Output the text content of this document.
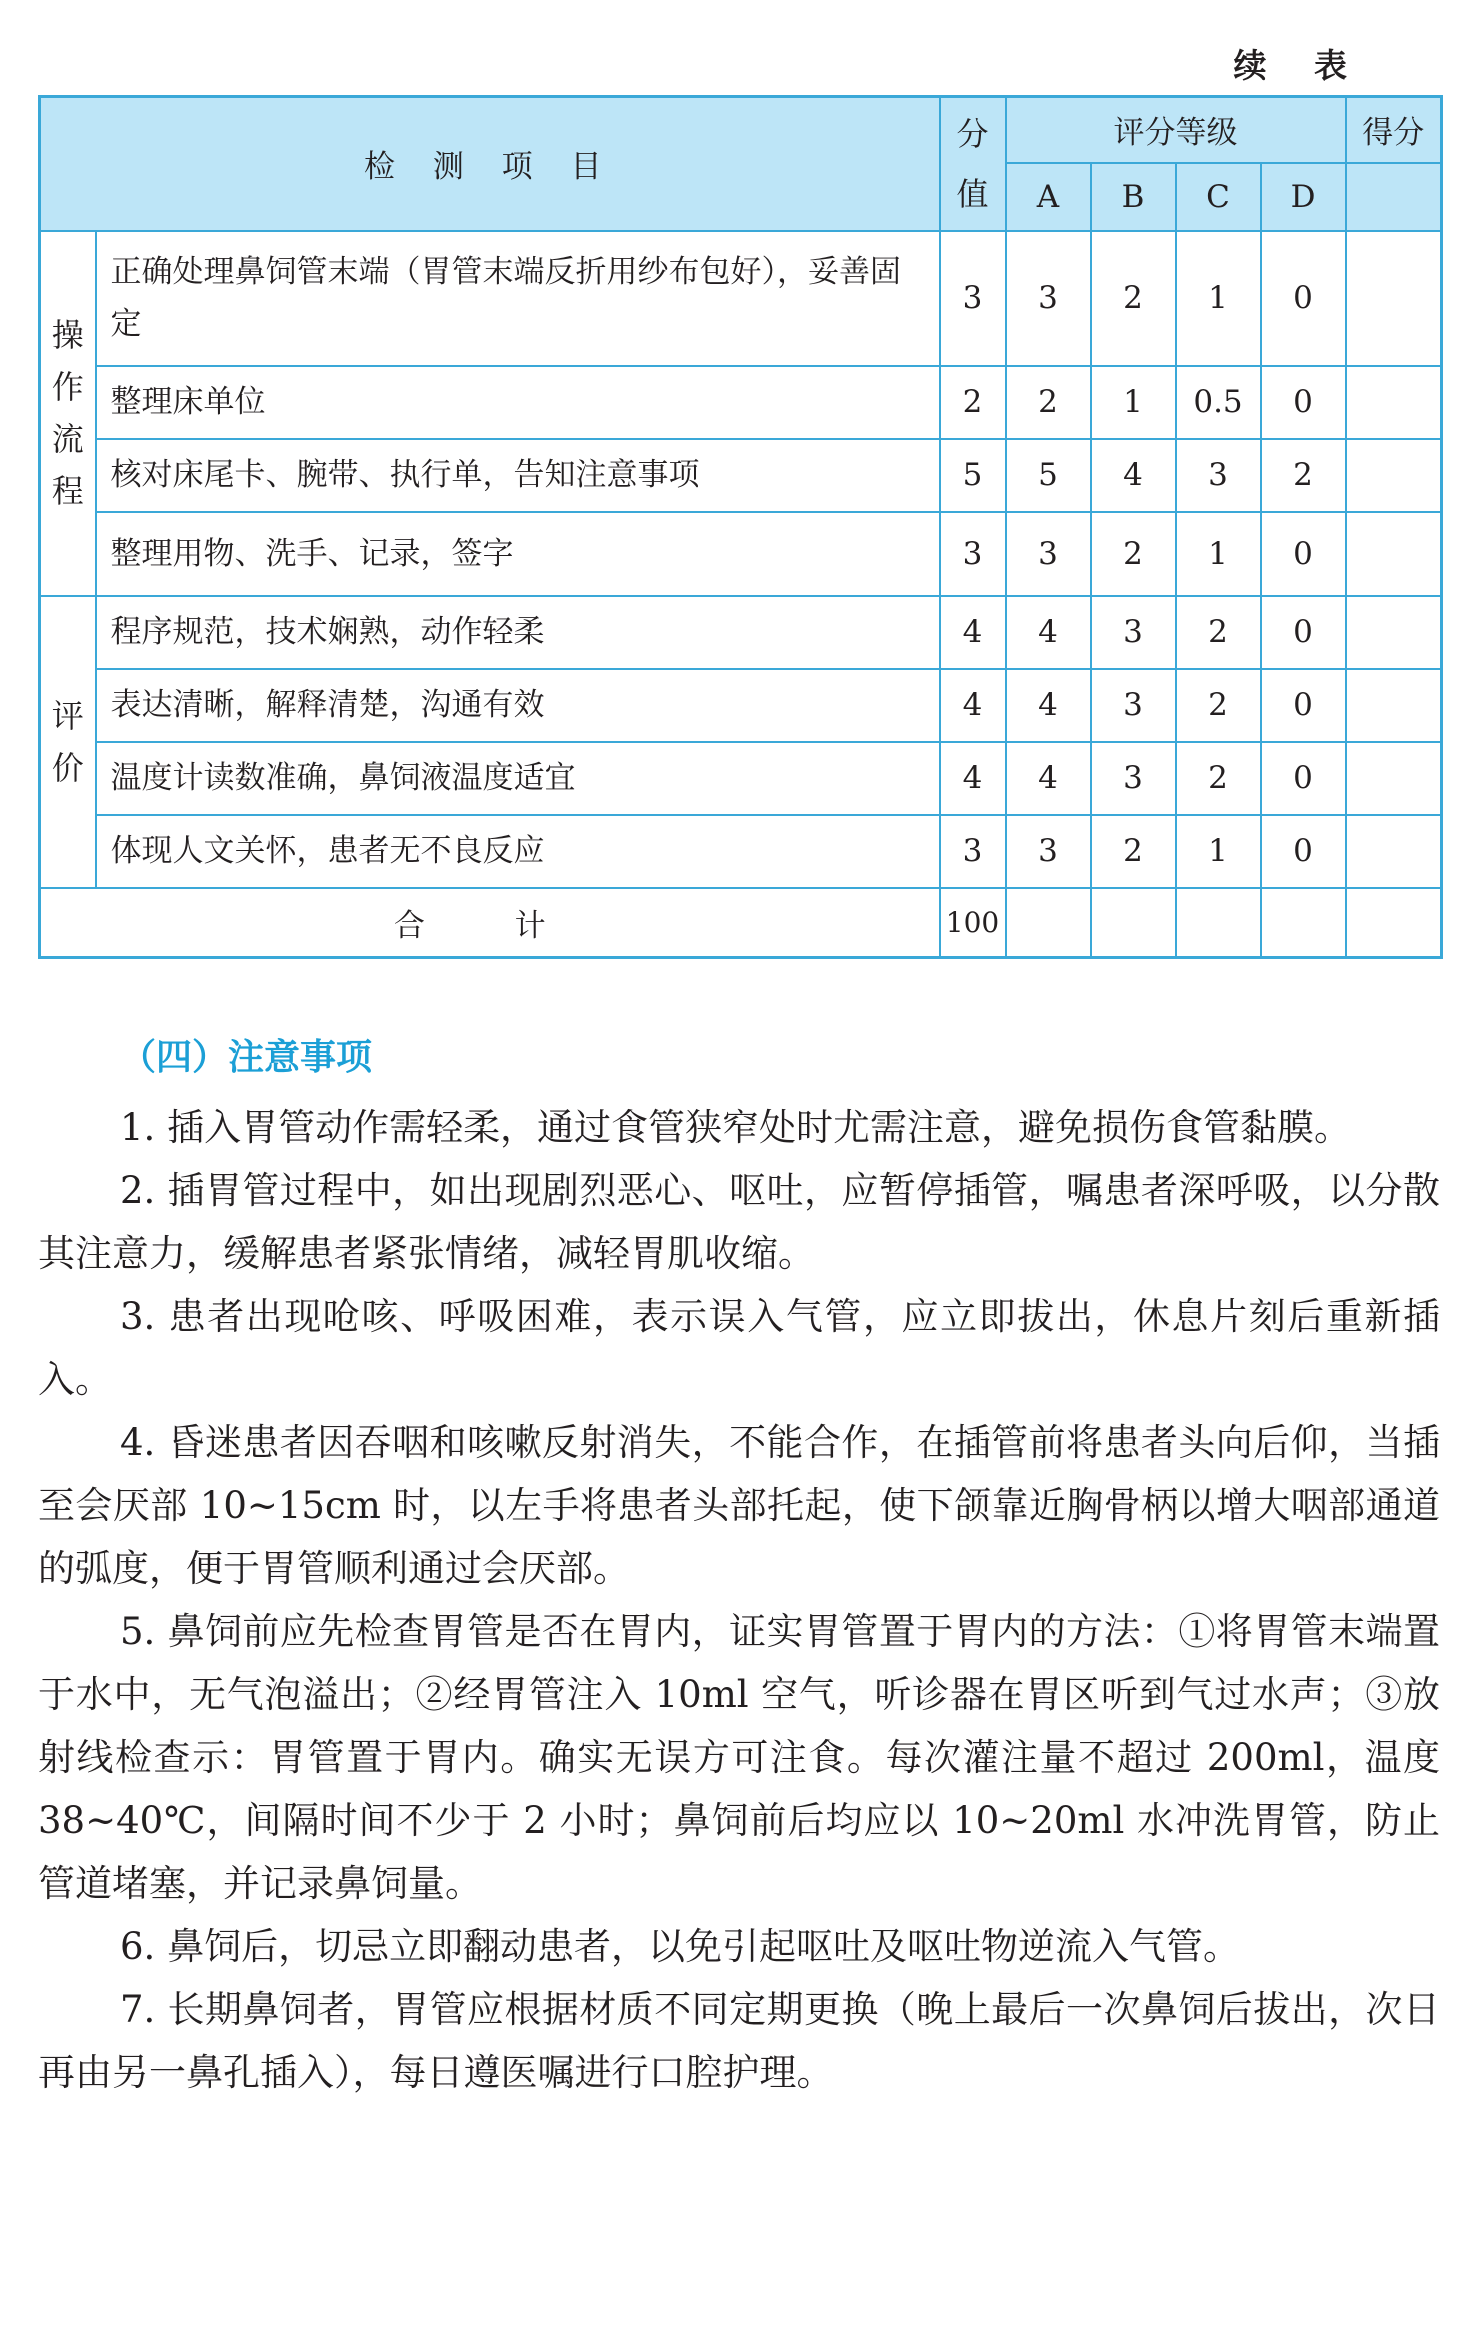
续 表
检 测 项 目		分值	评分等级				得分
			A	B	C	D	
操作流程	正确处理鼻饲管末端（胃管末端反折用纱布包好），妥善固定	3	3	2	1	0	
	整理床单位	2	2	1	0.5	0	
	核对床尾卡、腕带、执行单，告知注意事项	5	5	4	3	2	
	整理用物、洗手、记录，签字	3	3	2	1	0	
评价	程序规范，技术娴熟，动作轻柔	4	4	3	2	0	
	表达清晰，解释清楚，沟通有效	4	4	3	2	0	
	温度计读数准确，鼻饲液温度适宜	4	4	3	2	0	
	体现人文关怀，患者无不良反应	3	3	2	1	0	
合 计		100					
（四）注意事项

1. 插入胃管动作需轻柔，通过食管狭窄处时尤需注意，避免损伤食管黏膜。

2. 插胃管过程中，如出现剧烈恶心、呕吐，应暂停插管，嘱患者深呼吸，以分散其注意力，缓解患者紧张情绪，减轻胃肌收缩。

3. 患者出现呛咳、呼吸困难，表示误入气管，应立即拔出，休息片刻后重新插入。

4. 昏迷患者因吞咽和咳嗽反射消失，不能合作，在插管前将患者头向后仰，当插至会厌部 10~15cm 时，以左手将患者头部托起，使下颌靠近胸骨柄以增大咽部通道的弧度，便于胃管顺利通过会厌部。

5. 鼻饲前应先检查胃管是否在胃内，证实胃管置于胃内的方法：①将胃管末端置于水中，无气泡溢出；②经胃管注入 10ml 空气，听诊器在胃区听到气过水声；③放射线检查示：胃管置于胃内。确实无误方可注食。每次灌注量不超过 200ml，温度 38~40℃，间隔时间不少于 2 小时；鼻饲前后均应以 10~20ml 水冲洗胃管，防止管道堵塞，并记录鼻饲量。

6. 鼻饲后，切忌立即翻动患者，以免引起呕吐及呕吐物逆流入气管。

7. 长期鼻饲者，胃管应根据材质不同定期更换（晚上最后一次鼻饲后拔出，次日再由另一鼻孔插入），每日遵医嘱进行口腔护理。
